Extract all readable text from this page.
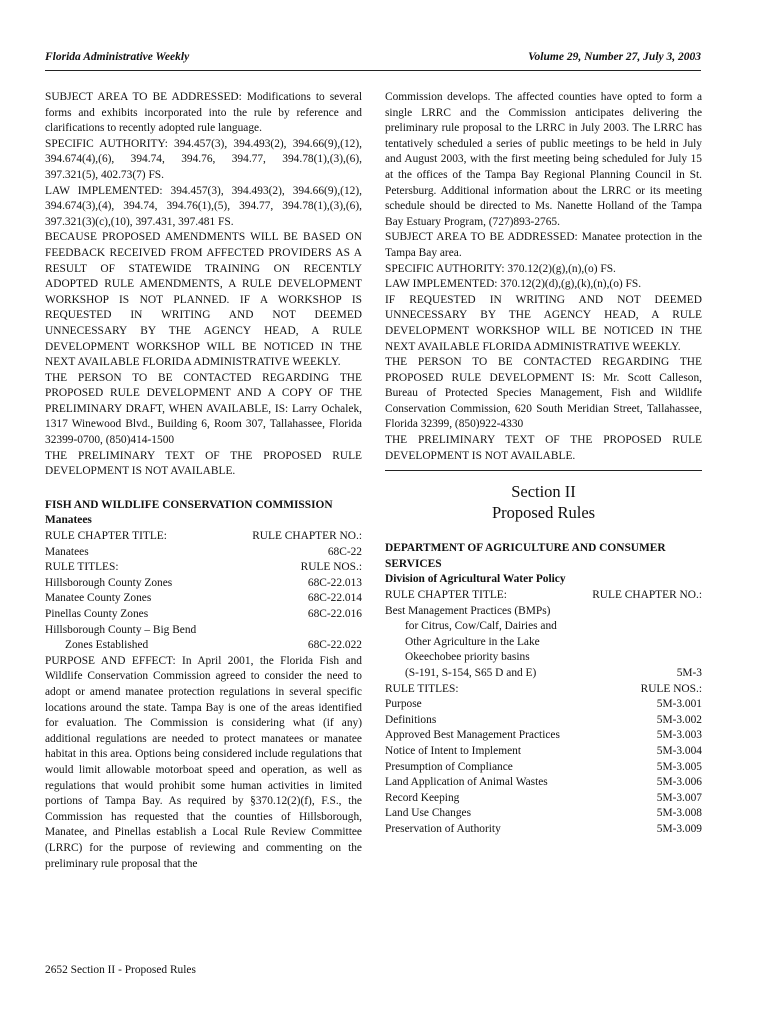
Florida Administrative Weekly	Volume 29, Number 27, July 3, 2003

SUBJECT AREA TO BE ADDRESSED: Modifications to several forms and exhibits incorporated into the rule by reference and clarifications to recently adopted rule language.

SPECIFIC AUTHORITY: 394.457(3), 394.493(2), 394.66(9),(12), 394.674(4),(6), 394.74, 394.76, 394.77, 394.78(1),(3),(6), 397.321(5), 402.73(7) FS.

LAW IMPLEMENTED: 394.457(3), 394.493(2), 394.66(9),(12), 394.674(3),(4), 394.74, 394.76(1),(5), 394.77, 394.78(1),(3),(6), 397.321(3)(c),(10), 397.431, 397.481 FS.

BECAUSE PROPOSED AMENDMENTS WILL BE BASED ON FEEDBACK RECEIVED FROM AFFECTED PROVIDERS AS A RESULT OF STATEWIDE TRAINING ON RECENTLY ADOPTED RULE AMENDMENTS, A RULE DEVELOPMENT WORKSHOP IS NOT PLANNED. IF A WORKSHOP IS REQUESTED IN WRITING AND NOT DEEMED UNNECESSARY BY THE AGENCY HEAD, A RULE DEVELOPMENT WORKSHOP WILL BE NOTICED IN THE NEXT AVAILABLE FLORIDA ADMINISTRATIVE WEEKLY.

THE PERSON TO BE CONTACTED REGARDING THE PROPOSED RULE DEVELOPMENT AND A COPY OF THE PRELIMINARY DRAFT, WHEN AVAILABLE, IS: Larry Ochalek, 1317 Winewood Blvd., Building 6, Room 307, Tallahassee, Florida 32399-0700, (850)414-1500

THE PRELIMINARY TEXT OF THE PROPOSED RULE DEVELOPMENT IS NOT AVAILABLE.

FISH AND WILDLIFE CONSERVATION COMMISSION

Manatees

RULE CHAPTER TITLE:	RULE CHAPTER NO.:
Manatees	68C-22
RULE TITLES:	RULE NOS.:
Hillsborough County Zones	68C-22.013
Manatee County Zones	68C-22.014
Pinellas County Zones	68C-22.016

Hillsborough County – Big Bend

Zones Established	68C-22.022

PURPOSE AND EFFECT: In April 2001, the Florida Fish and Wildlife Conservation Commission agreed to consider the need to adopt or amend manatee protection regulations in several specific locations around the state. Tampa Bay is one of the areas identified for evaluation. The Commission is considering what (if any) additional regulations are needed to protect manatees or manatee habitat in this area. Options being considered include regulations that would limit allowable motorboat speed and operation, as well as regulations that would prohibit some human activities in limited portions of Tampa Bay. As required by §370.12(2)(f), F.S., the Commission has requested that the counties of Hillsborough, Manatee, and Pinellas establish a Local Rule Review Committee (LRRC) for the purpose of reviewing and commenting on the preliminary rule proposal that the

Commission develops. The affected counties have opted to form a single LRRC and the Commission anticipates delivering the preliminary rule proposal to the LRRC in July 2003. The LRRC has tentatively scheduled a series of public meetings to be held in July and August 2003, with the first meeting being scheduled for July 15 at the offices of the Tampa Bay Regional Planning Council in St. Petersburg. Additional information about the LRRC or its meeting schedule should be directed to Ms. Nanette Holland of the Tampa Bay Estuary Program, (727)893-2765.

SUBJECT AREA TO BE ADDRESSED: Manatee protection in the Tampa Bay area.

SPECIFIC AUTHORITY: 370.12(2)(g),(n),(o) FS.

LAW IMPLEMENTED: 370.12(2)(d),(g),(k),(n),(o) FS.

IF REQUESTED IN WRITING AND NOT DEEMED UNNECESSARY BY THE AGENCY HEAD, A RULE DEVELOPMENT WORKSHOP WILL BE NOTICED IN THE NEXT AVAILABLE FLORIDA ADMINISTRATIVE WEEKLY.

THE PERSON TO BE CONTACTED REGARDING THE PROPOSED RULE DEVELOPMENT IS: Mr. Scott Calleson, Bureau of Protected Species Management, Fish and Wildlife Conservation Commission, 620 South Meridian Street, Tallahassee, Florida 32399, (850)922-4330

THE PRELIMINARY TEXT OF THE PROPOSED RULE DEVELOPMENT IS NOT AVAILABLE.

Section II

Proposed Rules

DEPARTMENT OF AGRICULTURE AND CONSUMER SERVICES

Division of Agricultural Water Policy

RULE CHAPTER TITLE:	RULE CHAPTER NO.:

Best Management Practices (BMPs)

for Citrus, Cow/Calf, Dairies and

Other Agriculture in the Lake

Okeechobee priority basins

(S-191, S-154, S65 D and E)	5M-3
RULE TITLES:	RULE NOS.:
Purpose	5M-3.001
Definitions	5M-3.002
Approved Best Management Practices	5M-3.003
Notice of Intent to Implement	5M-3.004
Presumption of Compliance	5M-3.005
Land Application of Animal Wastes	5M-3.006
Record Keeping	5M-3.007
Land Use Changes	5M-3.008
Preservation of Authority	5M-3.009
2652 Section II - Proposed Rules
